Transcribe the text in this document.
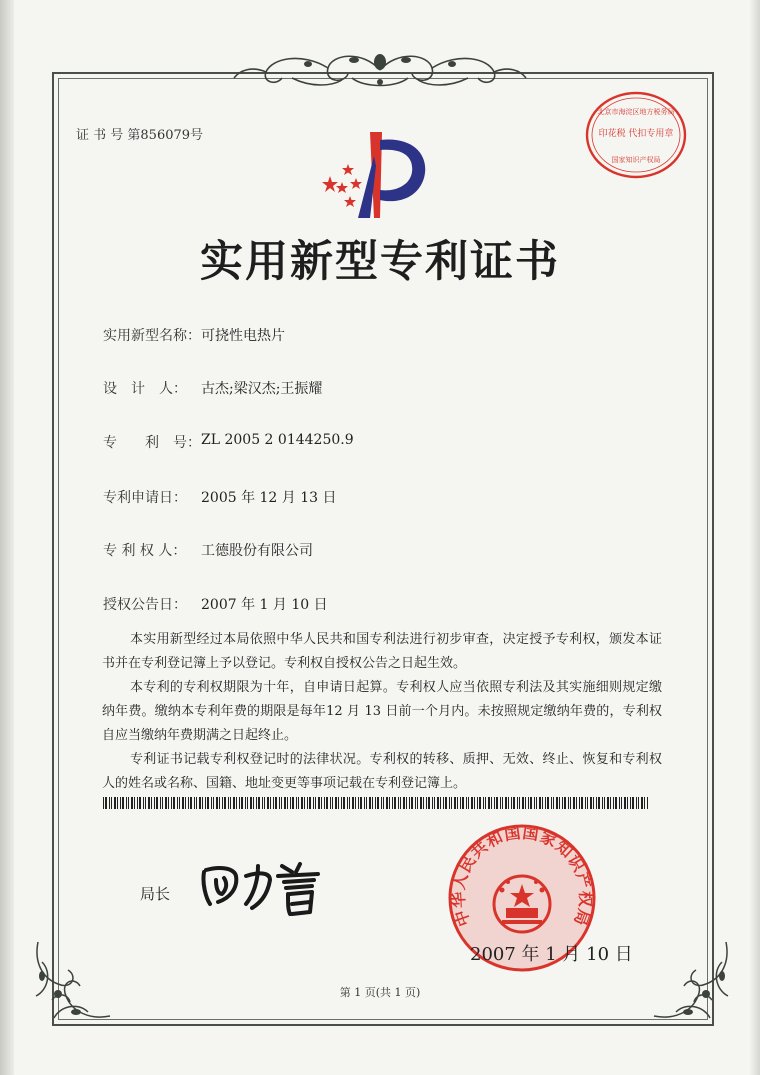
证 书 号 第856079号
北京市海淀区地方税务局
印花税 代扣专用章
国家知识产权局
实用新型专利证书
实用新型名称： 可挠性电热片
设　计　人： 古杰;梁汉杰;王振耀
专　　利　号： ZL 2005 2 0144250.9
专利申请日： 2005 年 12 月 13 日
专 利 权 人： 工德股份有限公司
授权公告日： 2007 年 1 月 10 日
本实用新型经过本局依照中华人民共和国专利法进行初步审查，决定授予专利权，颁发本证书并在专利登记簿上予以登记。专利权自授权公告之日起生效。
本专利的专利权期限为十年，自申请日起算。专利权人应当依照专利法及其实施细则规定缴纳年费。缴纳本专利年费的期限是每年12 月 13 日前一个月内。未按照规定缴纳年费的，专利权自应当缴纳年费期满之日起终止。
专利证书记载专利权登记时的法律状况。专利权的转移、质押、无效、终止、恢复和专利权人的姓名或名称、国籍、地址变更等事项记载在专利登记簿上。
局长
中华人民共和国国家知识产权局
2007 年 1 月 10 日
第 1 页(共 1 页)
